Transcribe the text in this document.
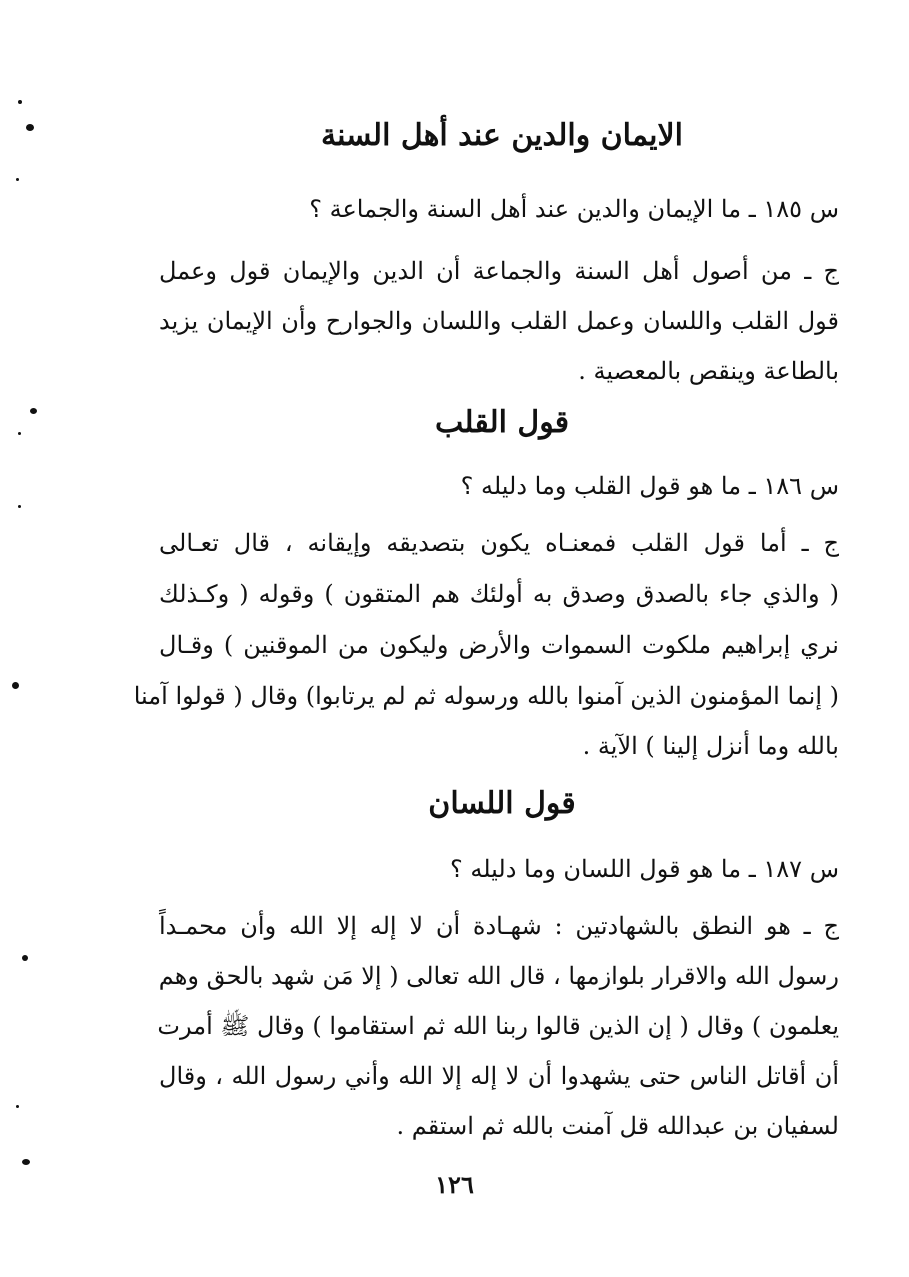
الايمان والدين عند أهل السنة
س ١٨٥ ـ ما الإيمان والدين عند أهل السنة والجماعة ؟
ج ـ من أصول أهل السنة والجماعة أن الدين والإيمان قول وعمل
قول القلب واللسان وعمل القلب واللسان والجوارح وأن الإيمان يزيد
بالطاعة وينقص بالمعصية .
قول القلب
س ١٨٦ ـ ما هو قول القلب وما دليله ؟
ج ـ أما قول القلب فمعنـاه يكون بتصديقه وإيقانه ، قال تعـالى
( والذي جاء بالصدق وصدق به أولئك هم المتقون ) وقوله ( وكـذلك
نري إبراهيم ملكوت السموات والأرض وليكون من الموقنين ) وقـال
( إنما المؤمنون الذين آمنوا بالله ورسوله ثم لم يرتابوا) وقال ( قولوا آمنا
بالله وما أنزل إلينا ) الآية .
قول اللسان
س ١٨٧ ـ ما هو قول اللسان وما دليله ؟
ج ـ هو النطق بالشهادتين : شهـادة أن لا إله إلا الله وأن محمـداً
رسول الله والاقرار بلوازمها ، قال الله تعالى ( إلا مَن شهد بالحق وهم
يعلمون ) وقال ( إن الذين قالوا ربنا الله ثم استقاموا ) وقال ﷺ أمرت
أن أقاتل الناس حتى يشهدوا أن لا إله إلا الله وأني رسول الله ، وقال
لسفيان بن عبدالله قل آمنت بالله ثم استقم .
١٢٦
